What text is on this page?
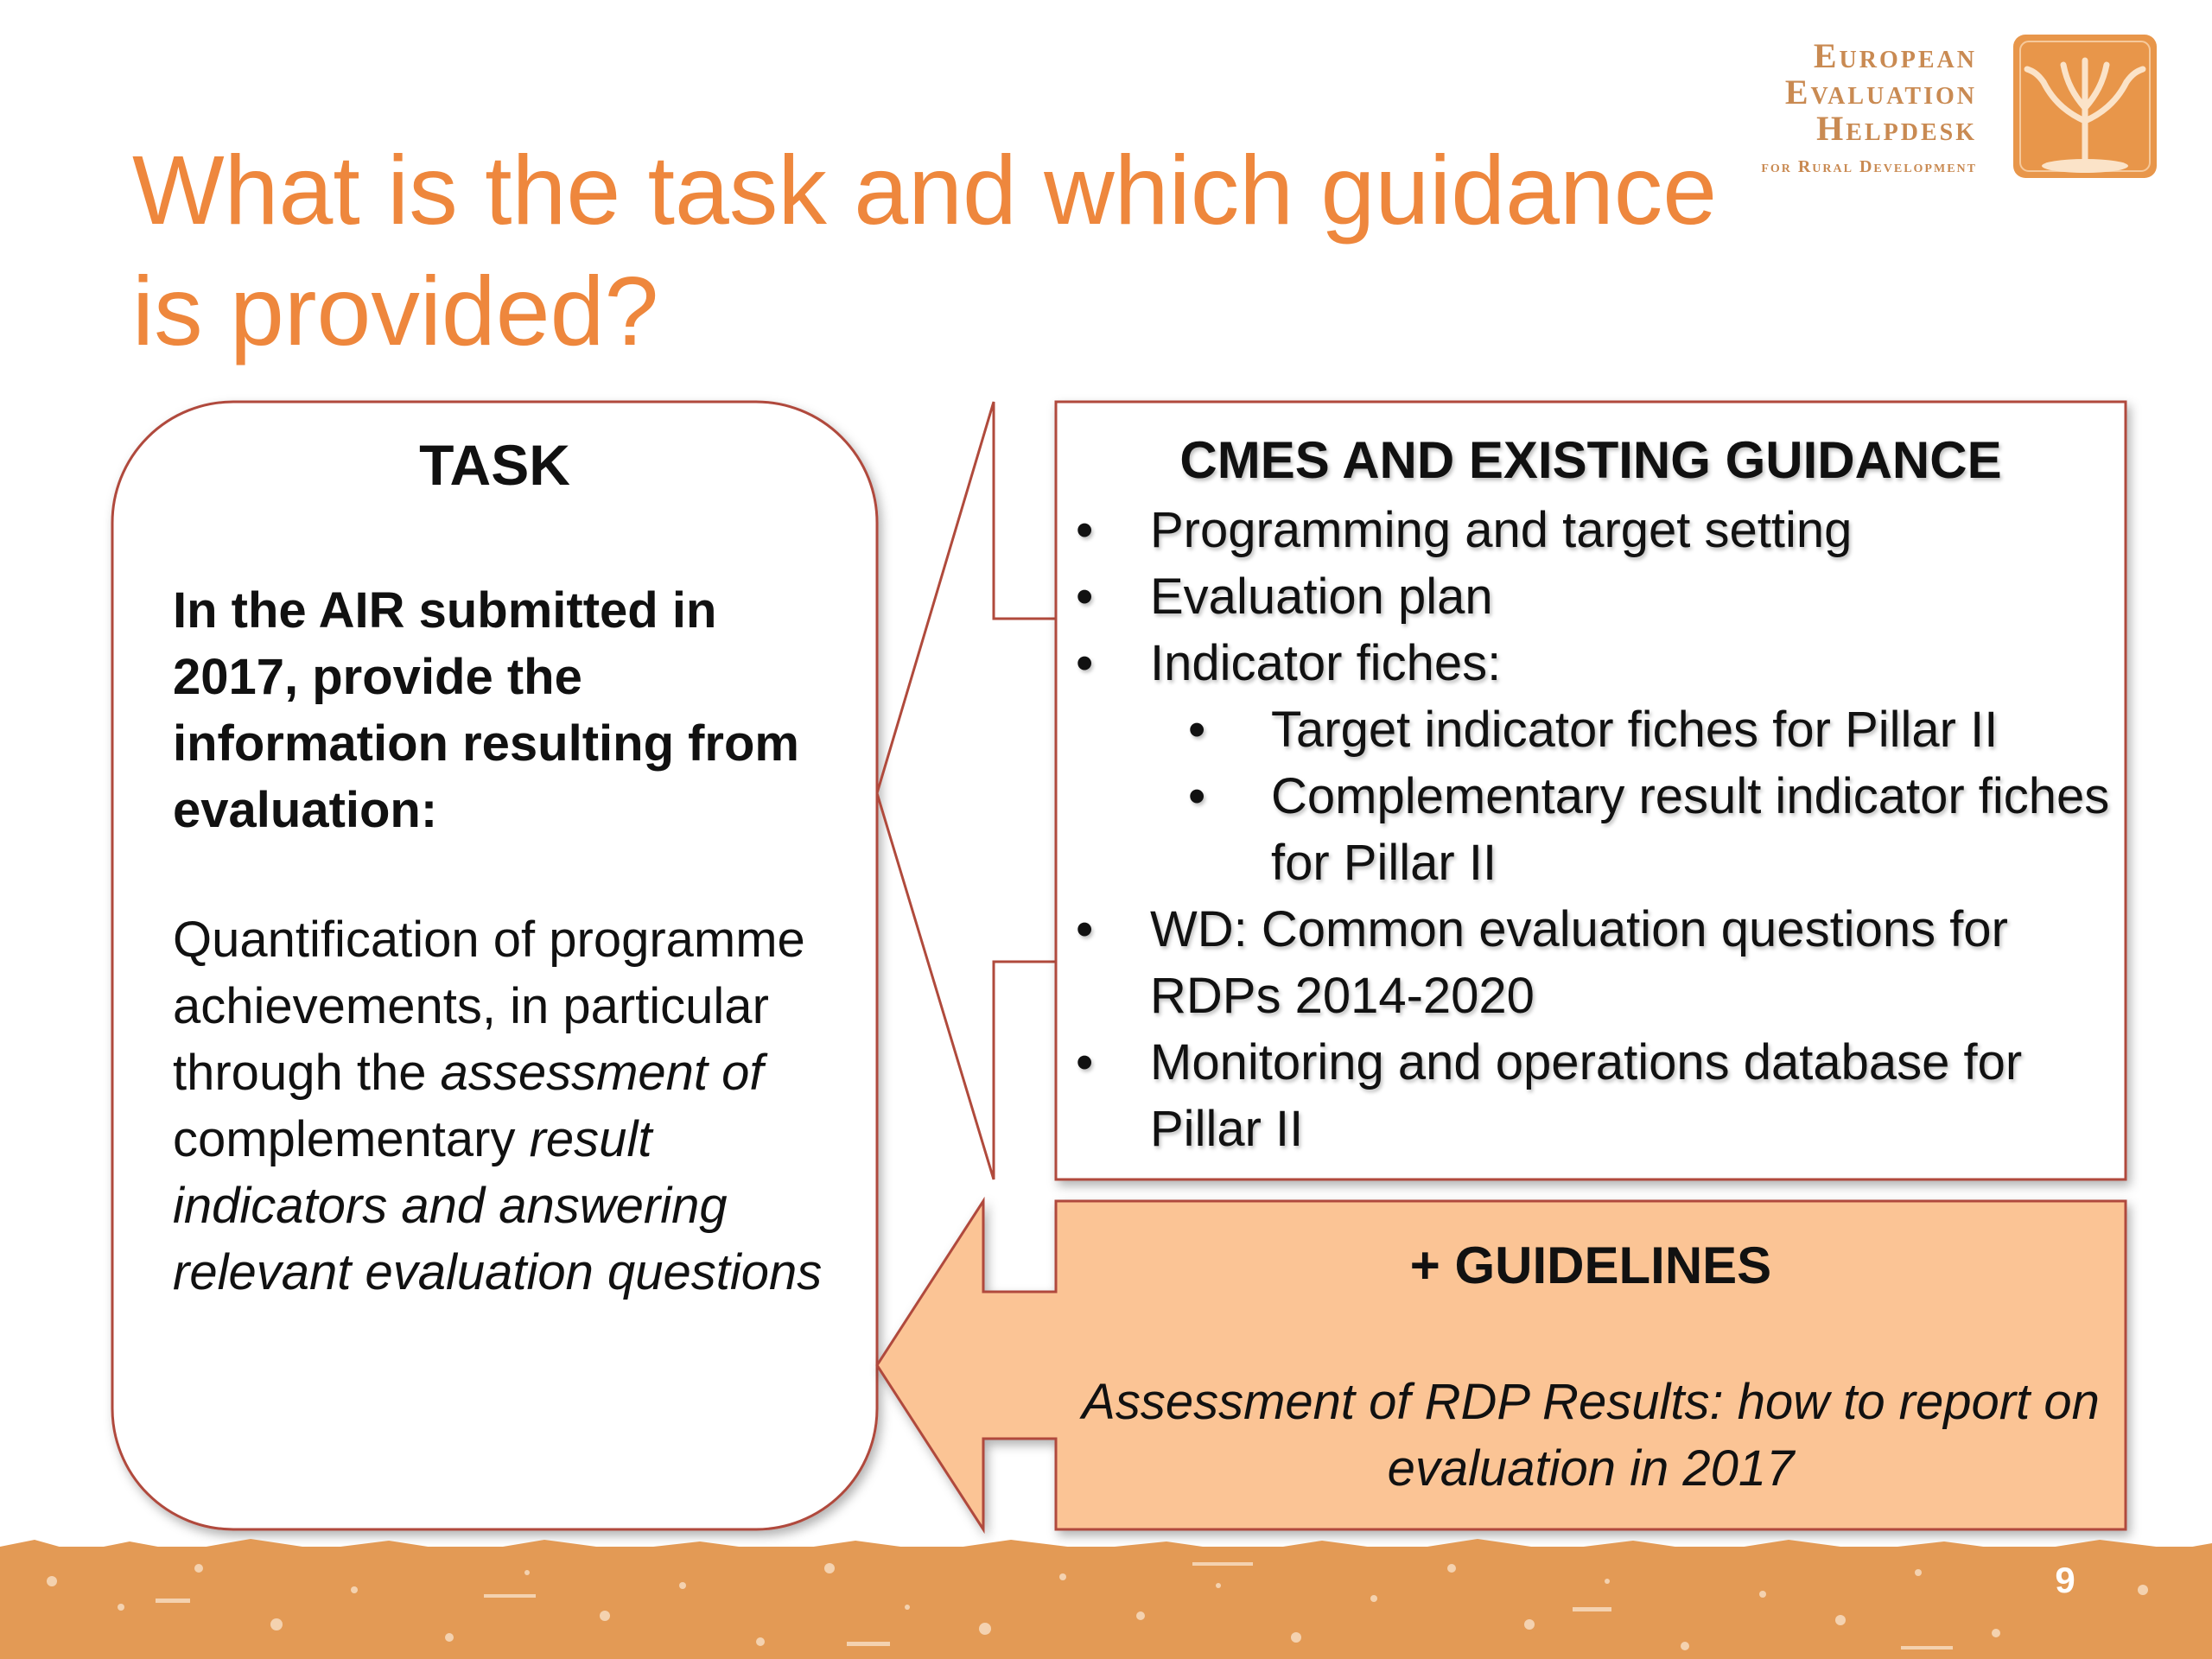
What is the task and which guidance is provided?
European
Evaluation
Helpdesk
for Rural Development
TASK
In the AIR submitted in 2017, provide the information resulting from evaluation:
Quantification of programme achievements, in particular through the assessment of complementary result indicators and answering relevant evaluation questions
CMES AND EXISTING GUIDANCE
• Programming and target setting
• Evaluation plan
• Indicator fiches:
• Target indicator fiches for Pillar II
• Complementary result indicator fiches for Pillar II
• WD: Common evaluation questions for RDPs 2014-2020
• Monitoring and operations database for Pillar II
+ GUIDELINES
Assessment of RDP Results: how to report on evaluation in 2017
9
